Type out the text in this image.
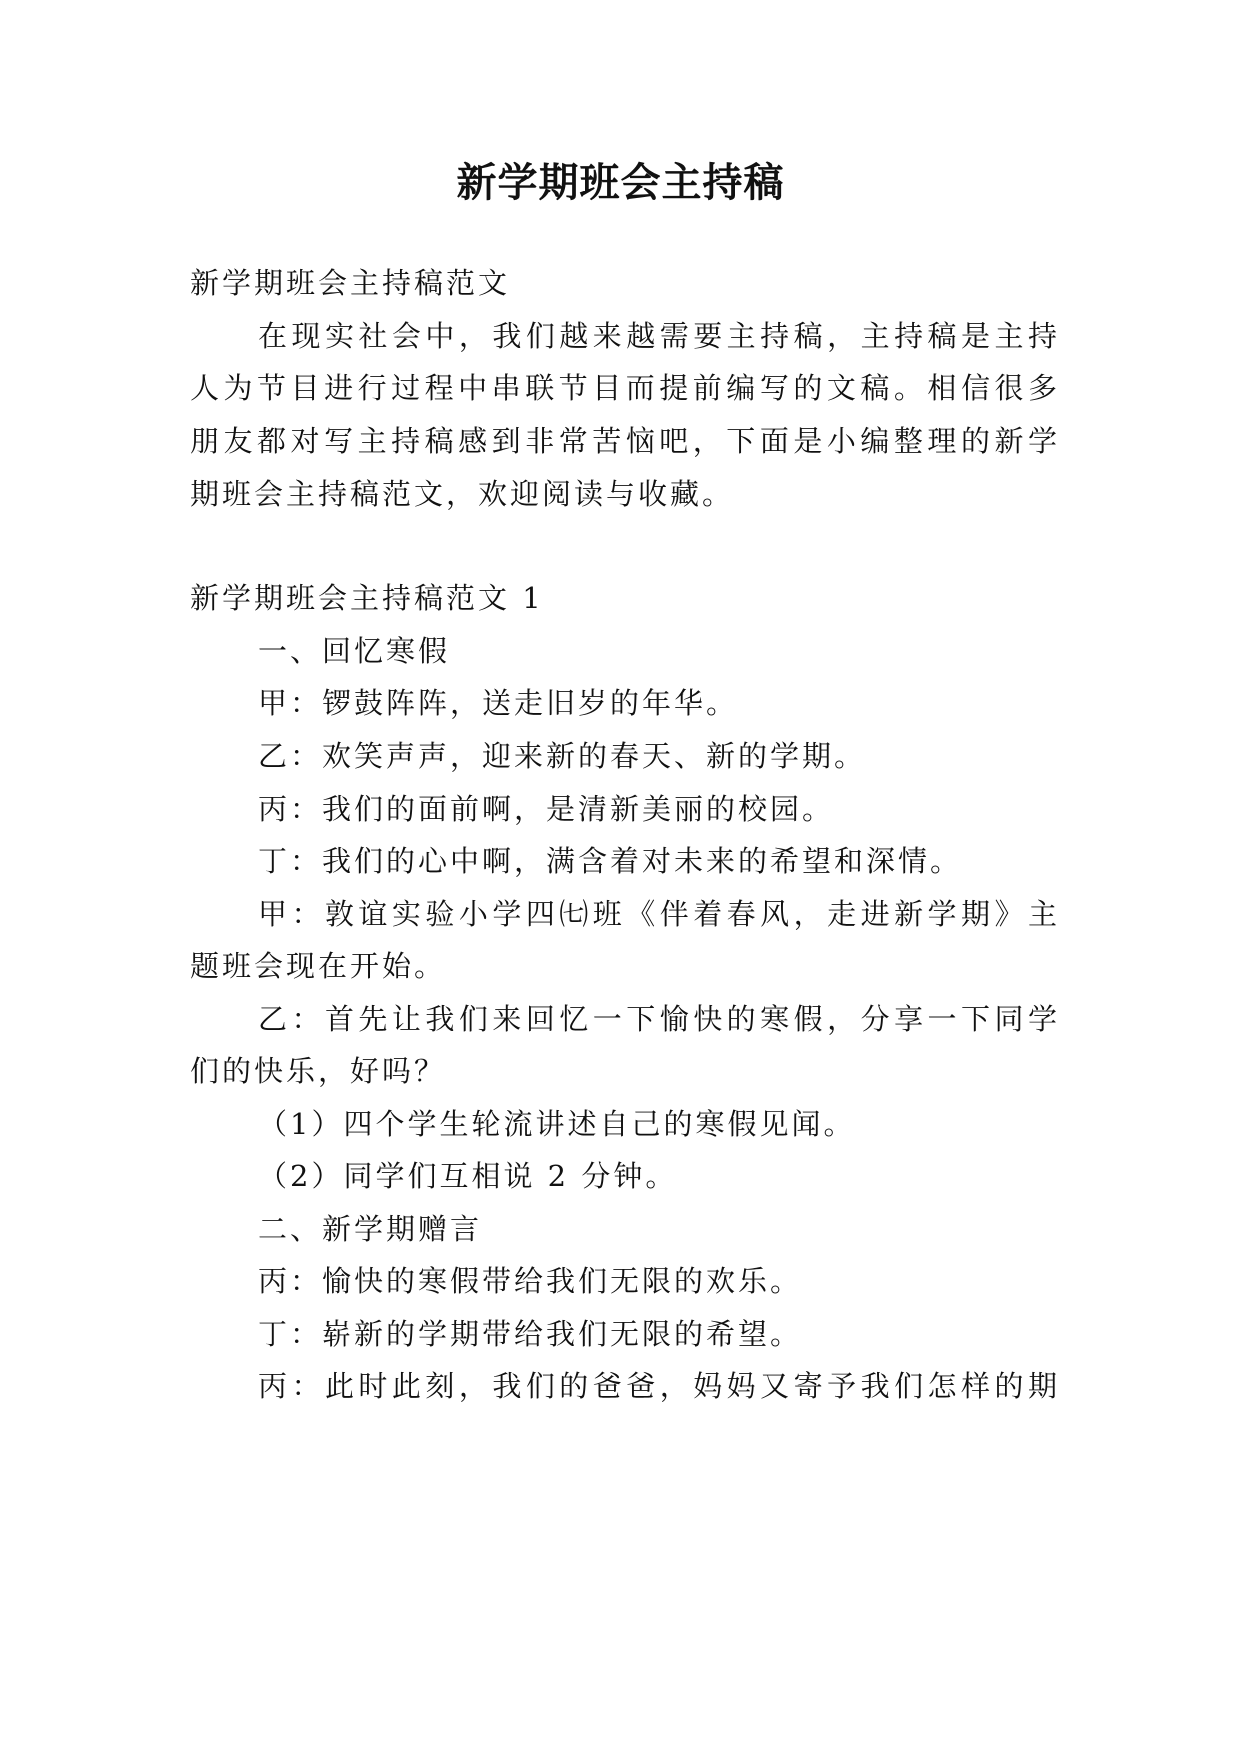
新学期班会主持稿

新学期班会主持稿范文

在现实社会中，我们越来越需要主持稿，主持稿是主持

人为节目进行过程中串联节目而提前编写的文稿。相信很多

朋友都对写主持稿感到非常苦恼吧，下面是小编整理的新学

期班会主持稿范文，欢迎阅读与收藏。

新学期班会主持稿范文 1

一、回忆寒假

甲：锣鼓阵阵，送走旧岁的年华。

乙：欢笑声声，迎来新的春天、新的学期。

丙：我们的面前啊，是清新美丽的校园。

丁：我们的心中啊，满含着对未来的希望和深情。

甲：敦谊实验小学四㈦班《伴着春风，走进新学期》主

题班会现在开始。

乙：首先让我们来回忆一下愉快的寒假，分享一下同学

们的快乐，好吗？

（1）四个学生轮流讲述自己的寒假见闻。

（2）同学们互相说 2 分钟。

二、新学期赠言

丙：愉快的寒假带给我们无限的欢乐。

丁：崭新的学期带给我们无限的希望。

丙：此时此刻，我们的爸爸，妈妈又寄予我们怎样的期
